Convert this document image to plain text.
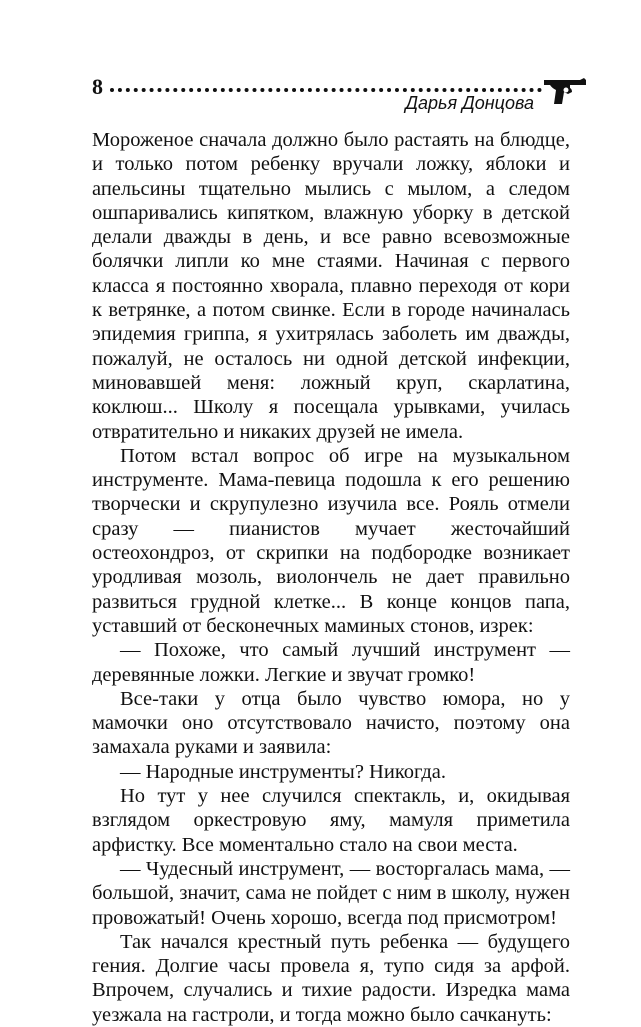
8
Дарья Донцова

Мороженое сначала должно было растаять на блюдце, и только потом ребенку вручали ложку, яблоки и апельсины тщательно мылись с мылом, а следом ошпаривались кипятком, влажную уборку в детской делали дважды в день, и все равно всевозможные болячки липли ко мне стаями. Начиная с первого класса я постоянно хворала, плавно переходя от кори к ветрянке, а потом свинке. Если в городе начиналась эпидемия гриппа, я ухитрялась заболеть им дважды, пожалуй, не осталось ни одной детской инфекции, миновавшей меня: ложный круп, скарлатина, коклюш... Школу я посещала урывками, училась отвратительно и никаких друзей не имела.

Потом встал вопрос об игре на музыкальном инструменте. Мама-певица подошла к его решению творчески и скрупулезно изучила все. Рояль отмели сразу — пианистов мучает жесточайший остеохондроз, от скрипки на подбородке возникает уродливая мозоль, виолончель не дает правильно развиться грудной клетке... В конце концов папа, уставший от бесконечных маминых стонов, изрек:

— Похоже, что самый лучший инструмент — деревянные ложки. Легкие и звучат громко!

Все-таки у отца было чувство юмора, но у мамочки оно отсутствовало начисто, поэтому она замахала руками и заявила:

— Народные инструменты? Никогда.

Но тут у нее случился спектакль, и, окидывая взглядом оркестровую яму, мамуля приметила арфистку. Все моментально стало на свои места.

— Чудесный инструмент, — восторгалась мама, — большой, значит, сама не пойдет с ним в школу, нужен провожатый! Очень хорошо, всегда под присмотром!

Так начался крестный путь ребенка — будущего гения. Долгие часы провела я, тупо сидя за арфой. Впрочем, случались и тихие радости. Изредка мама уезжала на гастроли, и тогда можно было сачкануть:
